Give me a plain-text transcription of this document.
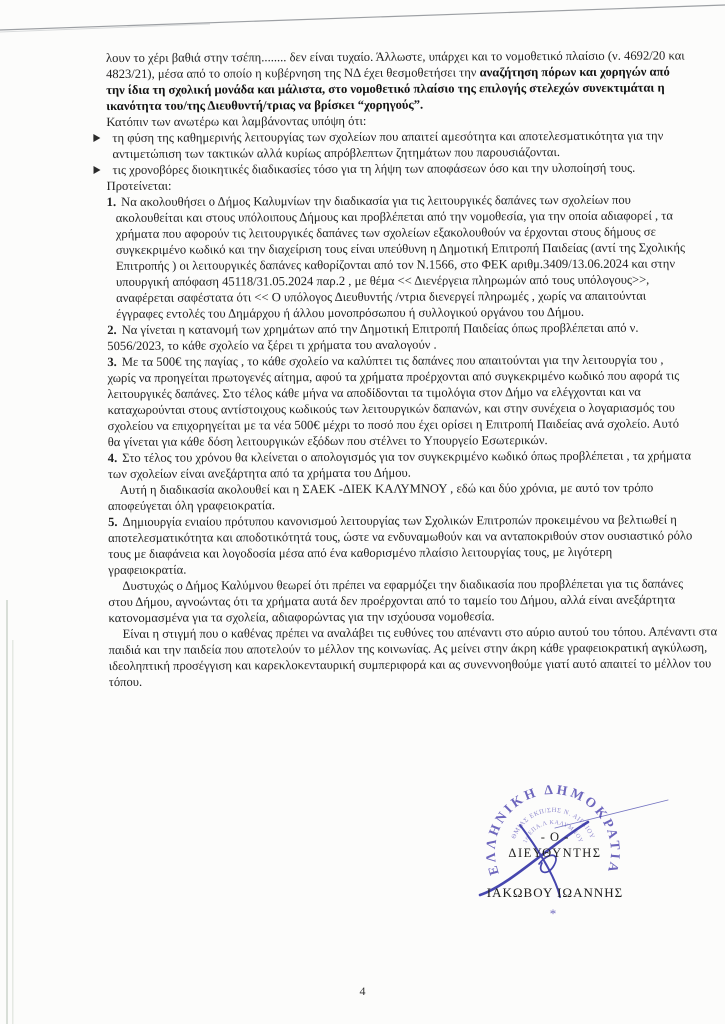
λουν το χέρι βαθιά στην τσέπη........ δεν είναι τυχαίο. Άλλωστε, υπάρχει και το νομοθετικό πλαίσιο (ν. 4692/20 και 4823/21), μέσα από το οποίο η κυβέρνηση της ΝΔ έχει θεσμοθετήσει την αναζήτηση πόρων και χορηγών από την ίδια τη σχολική μονάδα και μάλιστα, στο νομοθετικό πλαίσιο της επιλογής στελεχών συνεκτιμάται η ικανότητα του/της Διευθυντή/τριας να βρίσκει “χορηγούς”.

Κατόπιν των ανωτέρω και λαμβάνοντας υπόψη ότι:

τη φύση της καθημερινής λειτουργίας των σχολείων που απαιτεί αμεσότητα και αποτελεσματικότητα για την αντιμετώπιση των τακτικών αλλά κυρίως απρόβλεπτων ζητημάτων που παρουσιάζονται.
τις χρονοβόρες διοικητικές διαδικασίες τόσο για τη λήψη των αποφάσεων όσο και την υλοποίησή τους.
Προτείνεται:
1. Να ακολουθήσει ο Δήμος Καλυμνίων την διαδικασία για τις λειτουργικές δαπάνες των σχολείων που ακολουθείται και στους υπόλοιπους Δήμους και προβλέπεται από την νομοθεσία, για την οποία αδιαφορεί , τα χρήματα που αφορούν τις λειτουργικές δαπάνες των σχολείων εξακολουθούν να έρχονται στους δήμους σε συγκεκριμένο κωδικό και την διαχείριση τους είναι υπεύθυνη η Δημοτική Επιτροπή Παιδείας (αντί της Σχολικής Επιτροπής ) οι λειτουργικές δαπάνες καθορίζονται από τον Ν.1566, στο ΦΕΚ αριθμ.3409/13.06.2024 και στην υπουργική απόφαση 45118/31.05.2024 παρ.2 , με θέμα << Διενέργεια πληρωμών από τους υπόλογους>>, αναφέρεται σαφέστατα ότι << Ο υπόλογος Διευθυντής /ντρια διενεργεί πληρωμές , χωρίς να απαιτούνται έγγραφες εντολές του Δημάρχου ή άλλου μονοπρόσωπου ή συλλογικού οργάνου του Δήμου.
2. Να γίνεται η κατανομή των χρημάτων από την Δημοτική Επιτροπή Παιδείας όπως προβλέπεται από ν. 5056/2023, το κάθε σχολείο να ξέρει τι χρήματα του αναλογούν .
3. Με τα 500€ της παγίας , το κάθε σχολείο να καλύπτει τις δαπάνες που απαιτούνται για την λειτουργία του , χωρίς να προηγείται πρωτογενές αίτημα, αφού τα χρήματα προέρχονται από συγκεκριμένο κωδικό που αφορά τις λειτουργικές δαπάνες. Στο τέλος κάθε μήνα να αποδίδονται τα τιμολόγια στον Δήμο να ελέγχονται και να καταχωρούνται στους αντίστοιχους κωδικούς των λειτουργικών δαπανών, και στην συνέχεια ο λογαριασμός του σχολείου να επιχορηγείται με τα νέα 500€ μέχρι το ποσό που έχει ορίσει η Επιτροπή Παιδείας ανά σχολείο. Αυτό θα γίνεται για κάθε δόση λειτουργικών εξόδων που στέλνει το Υπουργείο Εσωτερικών.
4. Στο τέλος του χρόνου θα κλείνεται ο απολογισμός για τον συγκεκριμένο κωδικό όπως προβλέπεται , τα χρήματα των σχολείων είναι ανεξάρτητα από τα χρήματα του Δήμου.

Αυτή η διαδικασία ακολουθεί και η ΣΑΕΚ -ΔΙΕΚ ΚΑΛΥΜΝΟΥ , εδώ και δύο χρόνια, με αυτό τον τρόπο αποφεύγεται όλη γραφειοκρατία.

5. Δημιουργία ενιαίου πρότυπου κανονισμού λειτουργίας των Σχολικών Επιτροπών προκειμένου να βελτιωθεί η αποτελεσματικότητα και αποδοτικότητά τους, ώστε να ενδυναμωθούν και να ανταποκριθούν στον ουσιαστικό ρόλο τους με διαφάνεια και λογοδοσία μέσα από ένα καθορισμένο πλαίσιο λειτουργίας τους, με λιγότερη γραφειοκρατία.

Δυστυχώς ο Δήμος Καλύμνου θεωρεί ότι πρέπει να εφαρμόζει την διαδικασία που προβλέπεται για τις δαπάνες στου Δήμου, αγνοώντας ότι τα χρήματα αυτά δεν προέρχονται από το ταμείο του Δήμου, αλλά είναι ανεξάρτητα κατονομασμένα για τα σχολεία, αδιαφορώντας για την ισχύουσα νομοθεσία.

Είναι η στιγμή που ο καθένας πρέπει να αναλάβει τις ευθύνες του απέναντι στο αύριο αυτού του τόπου. Απέναντι στα παιδιά και την παιδεία που αποτελούν το μέλλον της κοινωνίας. Ας μείνει στην άκρη κάθε γραφειοκρατική αγκύλωση, ιδεοληπτική προσέγγιση και καρεκλοκενταυρική συμπεριφορά και ας συνεννοηθούμε γιατί αυτό απαιτεί το μέλλον του τόπου.

ΕΛΛΗΝΙΚΗ ΔΗΜΟΚΡΑΤΙΑ
ΘΜΙΑΣ ΕΚΠ/ΣΗΣ Ν. ΑΙΓΑΙΟΥ
1ο ΕΠΑ.Λ ΚΑΛΥΜΝΟΥ
*
- Ο -
ΔΙΕΥΘΥΝΤΗΣ
ΙΑΚΩΒΟΥ ΙΩΑΝΝΗΣ
4
